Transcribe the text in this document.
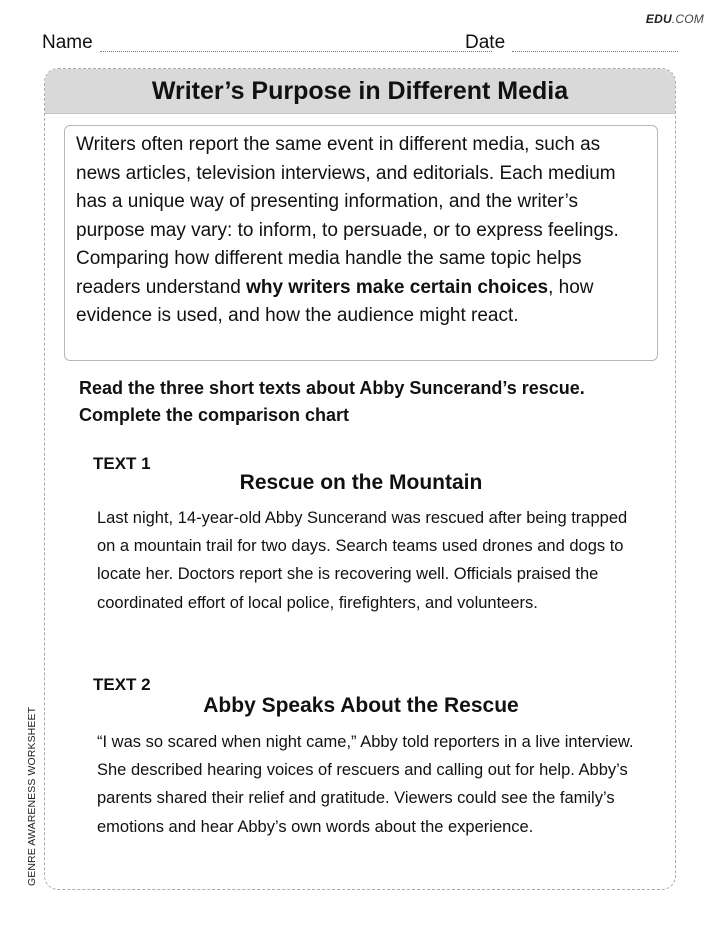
EDU.COM
Name	Date
Writer’s Purpose in Different Media
Writers often report the same event in different media, such as news articles, television interviews, and editorials. Each medium has a unique way of presenting information, and the writer’s purpose may vary: to inform, to persuade, or to express feelings. Comparing how different media handle the same topic helps readers understand why writers make certain choices, how evidence is used, and how the audience might react.
Read the three short texts about Abby Suncerand’s rescue. Complete the comparison chart
TEXT 1
Rescue on the Mountain
Last night, 14-year-old Abby Suncerand was rescued after being trapped on a mountain trail for two days. Search teams used drones and dogs to locate her. Doctors report she is recovering well. Officials praised the coordinated effort of local police, firefighters, and volunteers.
TEXT 2
Abby Speaks About the Rescue
“I was so scared when night came,” Abby told reporters in a live interview. She described hearing voices of rescuers and calling out for help. Abby’s parents shared their relief and gratitude. Viewers could see the family’s emotions and hear Abby’s own words about the experience.
GENRE AWARENESS WORKSHEET
